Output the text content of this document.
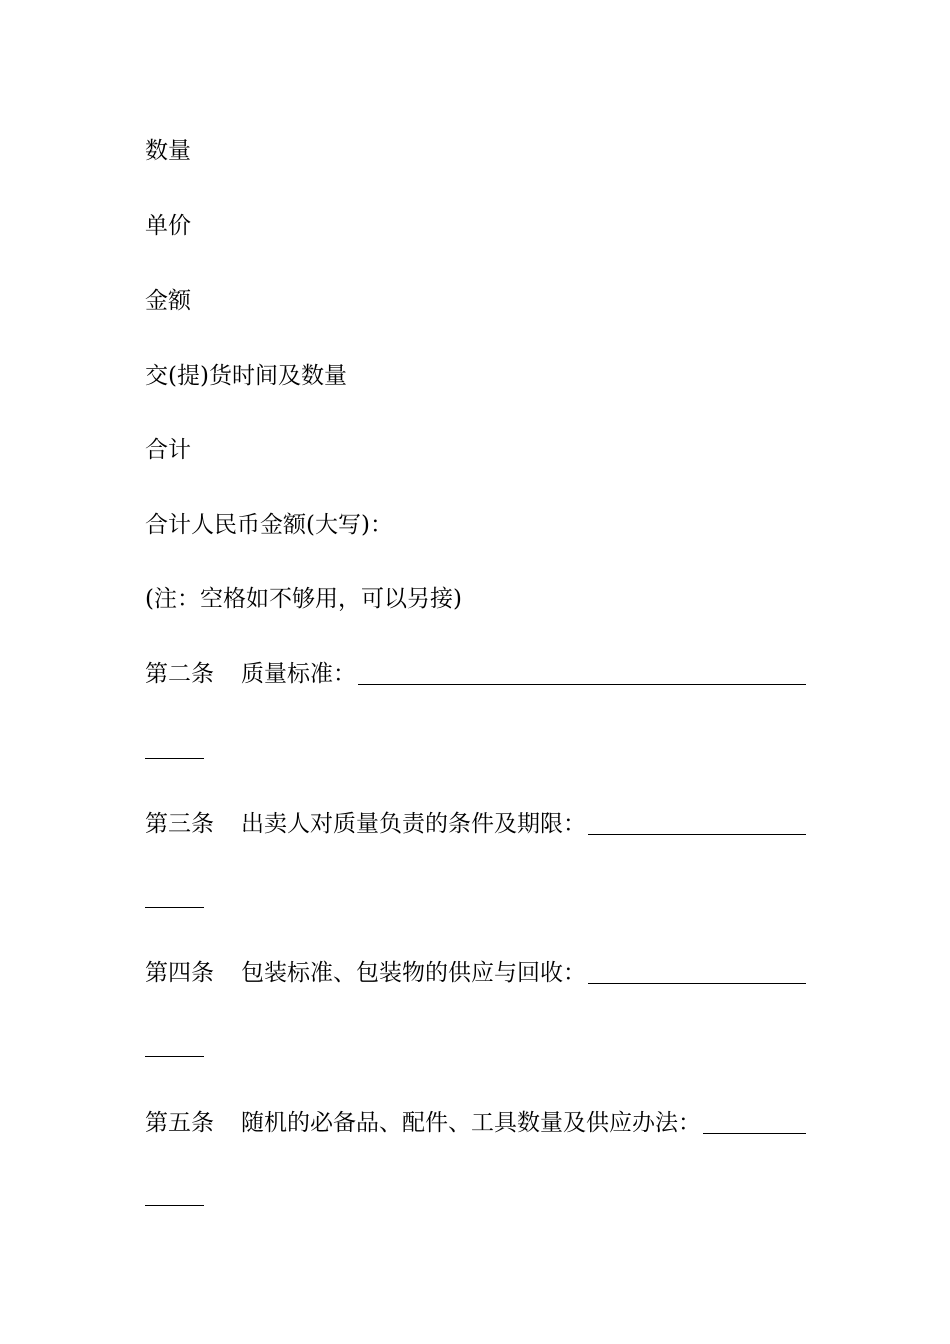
数量
单价
金额
交(提)货时间及数量
合计
合计人民币金额(大写)：
(注：空格如不够用，可以另接)
第二条	质量标准：
第三条	出卖人对质量负责的条件及期限：
第四条	包装标准、包装物的供应与回收：
第五条	随机的必备品、配件、工具数量及供应办法：
